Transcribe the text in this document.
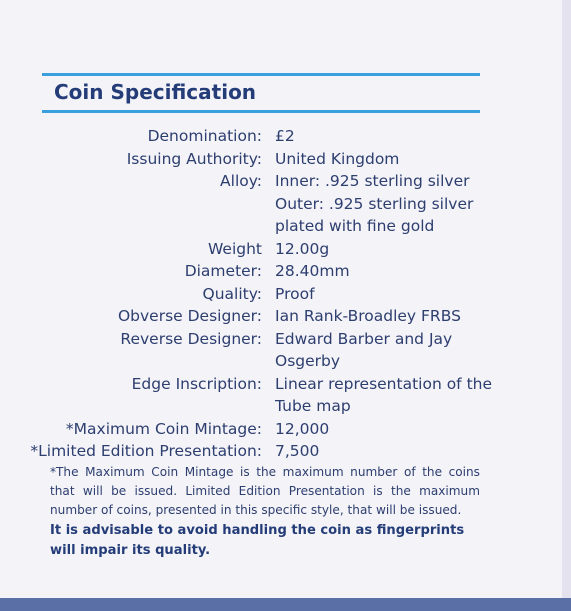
Coin Specification
Denomination: £2
Issuing Authority: United Kingdom
Alloy: Inner: .925 sterling silver
Outer: .925 sterling silver
plated with fine gold
Weight 12.00g
Diameter: 28.40mm
Quality: Proof
Obverse Designer: Ian Rank-Broadley FRBS
Reverse Designer: Edward Barber and Jay
Osgerby
Edge Inscription: Linear representation of the
Tube map
*Maximum Coin Mintage: 12,000
*Limited Edition Presentation: 7,500
*The Maximum Coin Mintage is the maximum number of the coins that will be issued. Limited Edition Presentation is the maximum number of coins, presented in this specific style, that will be issued.
It is advisable to avoid handling the coin as fingerprints will impair its quality.
